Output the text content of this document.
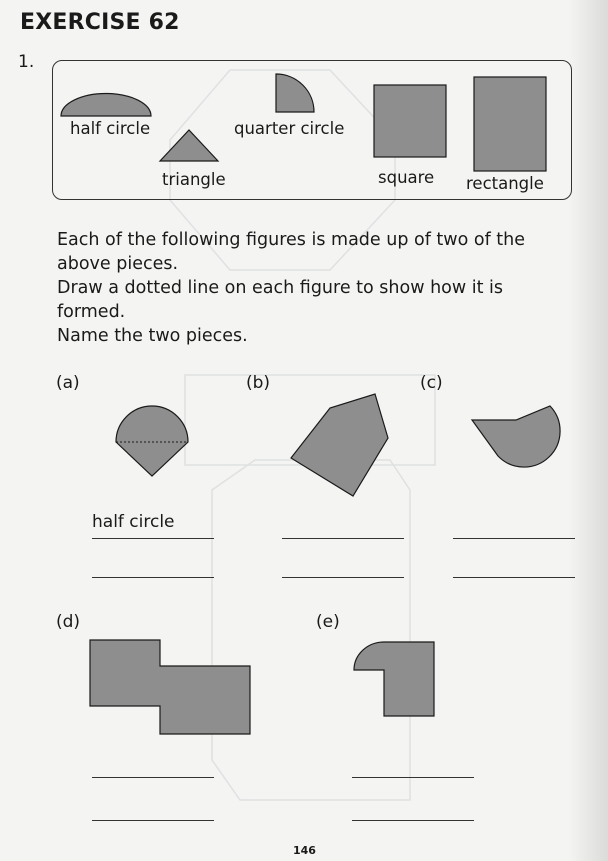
EXERCISE 62
1.
half circle	quarter circle
triangle	square rectangle
Each of the following figures is made up of two of the
above pieces.
Draw a dotted line on each figure to show how it is
formed.
Name the two pieces.
(a)
half circle
(b)	(c)
(d)	(e)
146
